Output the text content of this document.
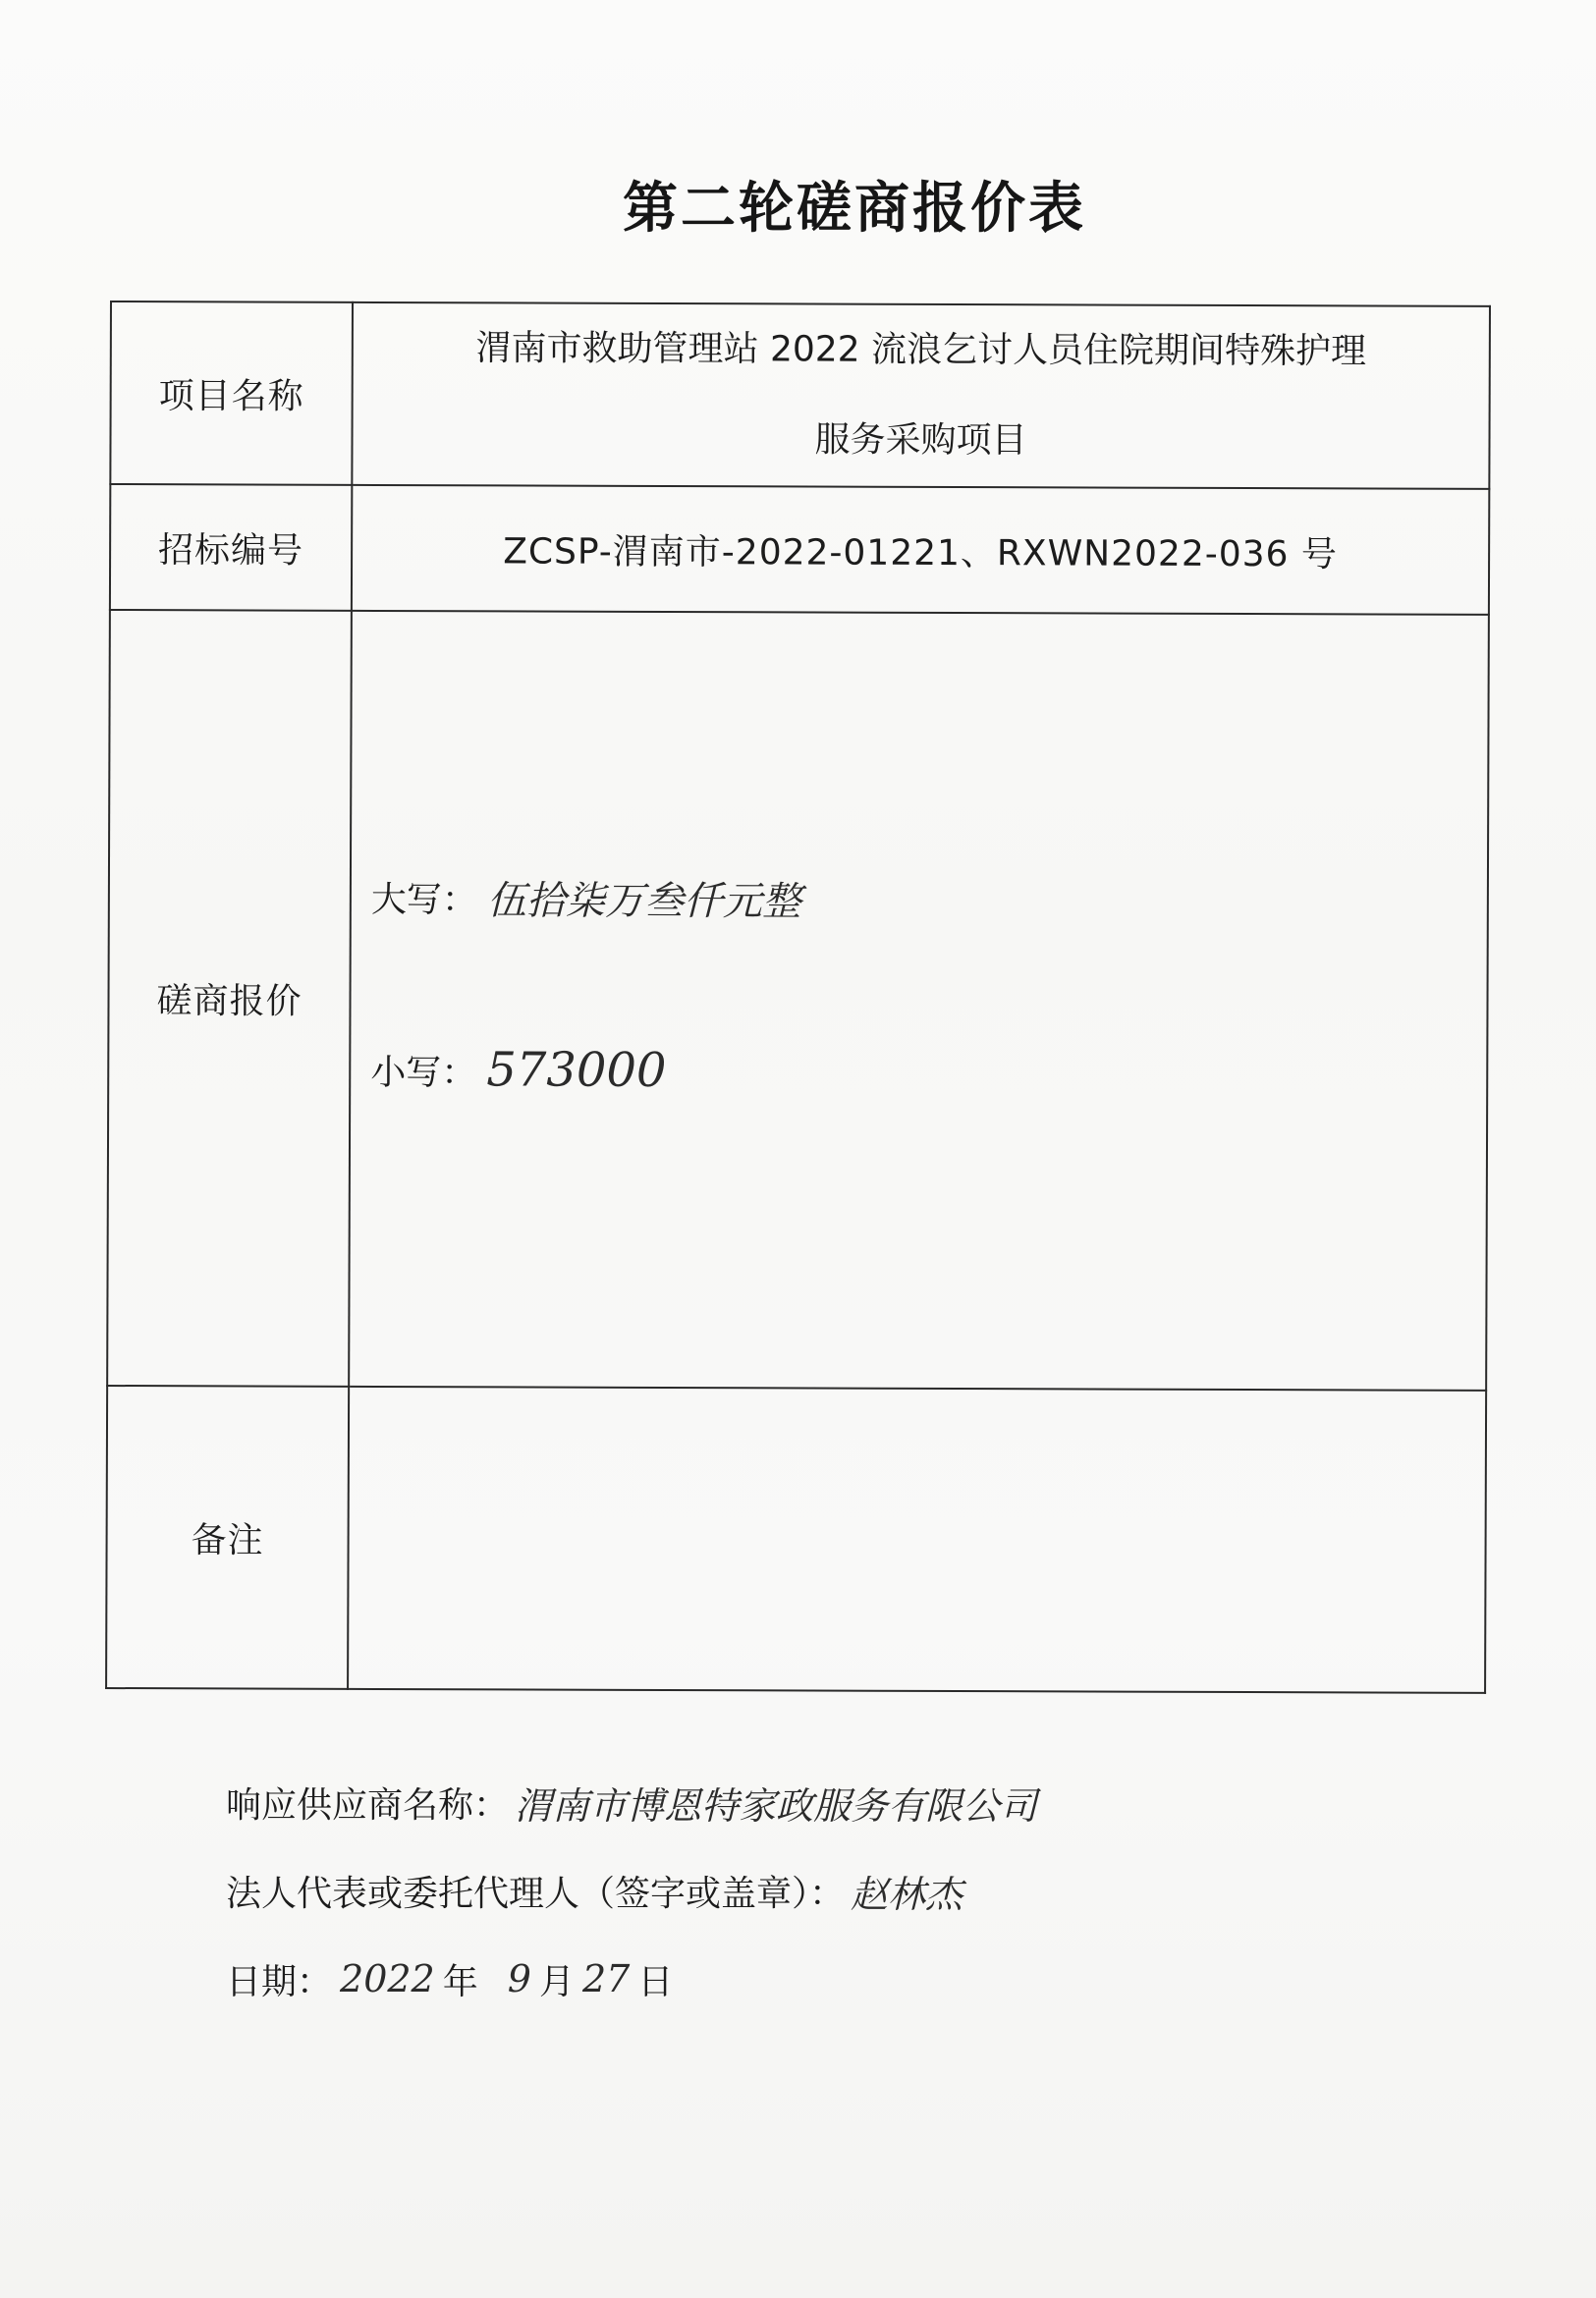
第二轮磋商报价表
项目名称	渭南市救助管理站 2022 流浪乞讨人员住院期间特殊护理
服务采购项目

招标编号	ZCSP-渭南市-2022-01221、RXWN2022-036 号
磋商报价	大写： 伍拾柒万叁仟元整
小写： 573000

备注	
响应供应商名称： 渭南市博恩特家政服务有限公司
法人代表或委托代理人（签字或盖章）： 赵林杰
日期： 2022 年 9 月 27 日
